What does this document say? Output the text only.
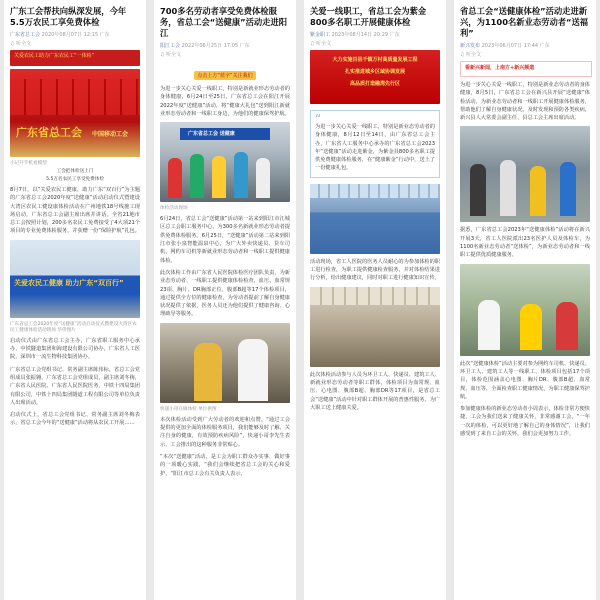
广东工会帮扶向纵深发展，今年5.5万农民工享免费体检
广东省总工会 2020年08月07日 12:15 广东
♫ 听全文
关爱农民工助力广东农民工“一体检”
广东省总工会 中国移动工会
小记开手机看模型
工会把体检送上门
5.5万名农民工享受免费体检

8月7日，以“关爱农民工健康，助力广东“双百行”为主题的广东省总工会2020年度“送健康”活动启动仪式暨建设大湾区农民工健设康体检活动在广州地铁18号线施工现场启动，广东省总工会副主席出席并讲话。全省21地市总工会按照计划，200多名农民工免费接受了4大项21个项目的专业免费体检服务，并获赠一份“保险护航”礼包。

关爱农民工健康 助力广东“双百行”
广东省总工会2020年度“送健康”活动启动仪式暨建设大湾区农民工健康体检活动现场 华侨图片

启动仪式由广东省总工会主办，广东省职工服务中心承办，中铁隧道集团和海建设有限公司协办，广东省人工医院，深圳市一流生物科技集团协办。

广东省总工会党组书记、常务副主席陈伟标，省总工会党组成员张振翱，广东省总工会党组成员，副主席刘冬梅，广东省人民医院、广东省人民医院医务，中铁十四局集团有限公司，中铁十四局集团隧道工程有限公司等单位负责人出席活动。

启动仪式上，省总工会党组书记、常务副主席刘冬梅表示，省总工会今年的“送健康”活动将从农民工开展……

700多名劳动者享受免费体检服务，省总工会“送健康”活动走进阳江
阳江工会 2022年06月25日 17:05 广东
♫ 听全文
点击上方“蓝字”关注我们

为进一步关心关爱一线职工，特别是新就业形态劳动者的身体健康，6月24日至25日，广东省总工会在阳江开展2022年度“送健康”活动，将“健康大礼包”送到阳江新就业形态劳动者和一线职工身边，为他们的健康保驾护航。

广东省总工会 送健康
体检活动现场

6月24日，省总工会“送健康”活动第一站来到阳江市江城区总工会职工服务中心，为300多名新就业形态劳动者提供免费体检服务。6月25日，“送健康”活动第二站来到阳江市张小泉智能温泉中心，为广大外卖快递员、货车司机、网约车司机等新就业形态劳动者和一线职工提供健康体检。

此次体检工作由广东省人民医院体检医疗团队负责，为新业态劳动者、一线职工提供健康体检检查，血压、血常规23项、胸片、DR胸部正位、腹部B超等17个体检项目，通过提供全方位的健康检查，为劳动者提前了解自身健康状况提供了依据，医务人员还为他们提供了健康咨询、心理疏导等服务。

快递小哥在做体检 单位供图

本次体检活动受到广大劳动者的欢迎和点赞。“通过工会提供的更加全面的体检服务项目，我们能够及时了解、关注自身的健康，有效预防疾病风险”，快递小哥李先生表示，工会推出的这种服务非常贴心。

“本次“送健康”活动，是工会为职工群众办实事、做好事的一项暖心实践，“我们会继续把省总工会的关心和爱护，“阳江市总工会有关负责人表示，

关爱一线职工，省总工会为紫金800多名职工开展健康体检
紫金职工 2023年08月14日 20:29 广东
♫ 听全文
大力实施百县千镇万村高质量发展工程
扎实推进城乡区域协调发展
高品质打造融湾先行区
“

为进一步关心关爱一线职工，特别是新业态劳动者的身体健康，8月12日至14日，由广东省总工会主办，广东省人工服务中心承办的广东省总工会2023年“送健康”活动走进紫金，为紫金县800多名职工提供免费健康体检服务，在“健康紫金”行动中，送上了一份健康礼包。

活动现场，省工人医院的医务人员耐心的为参加体检的职工进行检查，为职工提供健康检查服务，并对体检结果进行分析，给出健康建议，同时对职工进行健康知识宣传。

此次体检活动参与人员为环卫工人、快递员、建筑工人、新就业形态劳动者等职工群体，体检项目为血常规、血压、心电图、腹部B超、胸部DR等17项目，是省总工会“送健康”活动中针对职工群体开展的普惠性服务，为广大职工送上健康关爱。

省总工会“送健康体检”活动走进新兴，为1100名新业态劳动者“送福利”
新兴发布 2023年06月07日 17:44 广东
♫ 听全文
看新兴新闻，上南方+新兴频道

为进一步关心关爱一线职工，特别是新业态劳动者的身体健康，8月5日，广东省总工会在新兴县开展“送健康”体检活动，为新业态劳动者和一线职工开展健康体检服务，帮助他们了解自身健康状况，及时发现和预防各类疾病，新兴县人大常委会副主任、县总工会主席出席活动。

据悉，广东省总工会2023年“送健康体检”活动将在新兴开展3天，省工人医院派出23名医护人员及体检车，为1100名新业态劳动者“送体检”，为新业态劳动者和一线职工提供优质健康服务。

此次“送健康体检”活动主要对参为网约车司机、快递员、环卫工人、建筑工人等一线职工、体检项目包括17个项目，体检范围涵盖心电图、胸片DR、腹部B超、血常规、血压等，全面检查职工健康情况，为职工健康保驾护航。

参加健康体检的新业态劳动者小周表示，体检非常方便快捷，工会为我们送来了健康关怀，非常感谢工会，“一年一次的体检，可以更好地了解自己的身体情况”，让我们感受到了来自工会的关怀，我们会更加努力工作。
